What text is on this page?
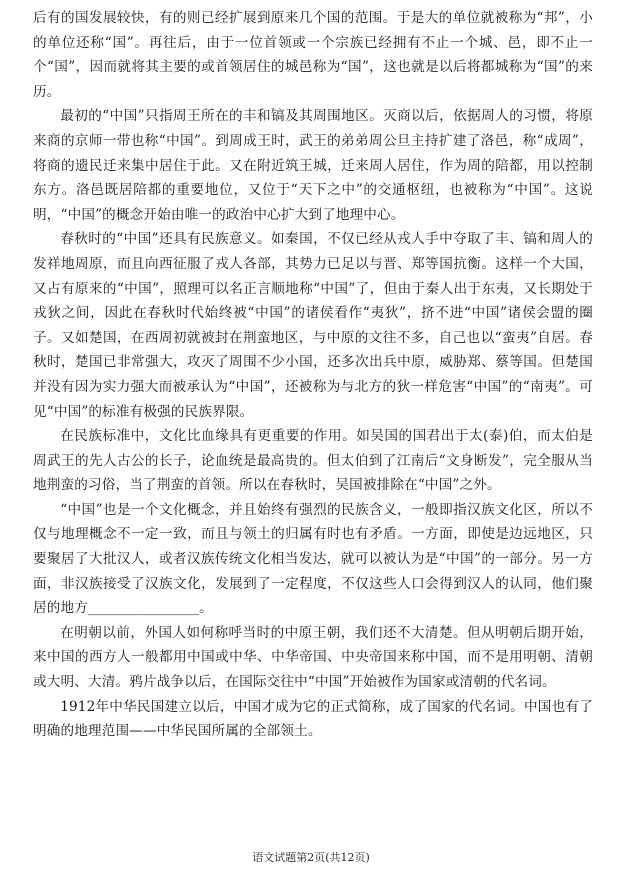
后有的国发展较快，有的则已经扩展到原来几个国的范围。于是大的单位就被称为“邦”，小的单位还称“国”。再往后，由于一位首领或一个宗族已经拥有不止一个城、邑，即不止一个“国”，因而就将其主要的或首领居住的城邑称为“国”，这也就是以后将都城称为“国”的来历。

最初的“中国”只指周王所在的丰和镐及其周围地区。灭商以后，依据周人的习惯，将原来商的京师一带也称“中国”。到周成王时，武王的弟弟周公旦主持扩建了洛邑，称“成周”，将商的遗民迁来集中居住于此。又在附近筑王城，迁来周人居住，作为周的陪都，用以控制东方。洛邑既居陪都的重要地位，又位于“天下之中”的交通枢纽，也被称为“中国”。这说明，“中国”的概念开始由唯一的政治中心扩大到了地理中心。

春秋时的“中国”还具有民族意义。如秦国，不仅已经从戎人手中夺取了丰、镐和周人的发祥地周原，而且向西征服了戎人各部，其势力已足以与晋、郑等国抗衡。这样一个大国，又占有原来的“中国”，照理可以名正言顺地称“中国”了，但由于秦人出于东夷，又长期处于戎狄之间，因此在春秋时代始终被“中国”的诸侯看作“夷狄”，挤不进“中国”诸侯会盟的圈子。又如楚国，在西周初就被封在荆蛮地区，与中原的文往不多，自己也以“蛮夷”自居。春秋时，楚国已非常强大，攻灭了周围不少小国，还多次出兵中原，威胁郑、蔡等国。但楚国并没有因为实力强大而被承认为“中国”，还被称为与北方的狄一样危害“中国”的“南夷”。可见“中国”的标准有极强的民族界限。

在民族标准中，文化比血缘具有更重要的作用。如吴国的国君出于太(泰)伯，而太伯是周武王的先人古公的长子，论血统是最高贵的。但太伯到了江南后“文身断发”，完全服从当地荆蛮的习俗，当了荆蛮的首领。所以在春秋时，吴国被排除在“中国”之外。

“中国”也是一个文化概念，并且始终有强烈的民族含义，一般即指汉族文化区，所以不仅与地理概念不一定一致，而且与领土的归属有时也有矛盾。一方面，即使是边远地区，只要聚居了大批汉人，或者汉族传统文化相当发达，就可以被认为是“中国”的一部分。另一方面，非汉族接受了汉族文化，发展到了一定程度，不仅这些人口会得到汉人的认同，他们聚居的地方________________。

在明朝以前，外国人如何称呼当时的中原王朝，我们还不大清楚。但从明朝后期开始，来中国的西方人一般都用中国或中华、中华帝国、中央帝国来称中国，而不是用明朝、清朝或大明、大清。鸦片战争以后，在国际交往中“中国”开始被作为国家或清朝的代名词。

1912年中华民国建立以后，中国才成为它的正式简称，成了国家的代名词。中国也有了明确的地理范围——中华民国所属的全部领土。

语文试题第2页(共12页)
